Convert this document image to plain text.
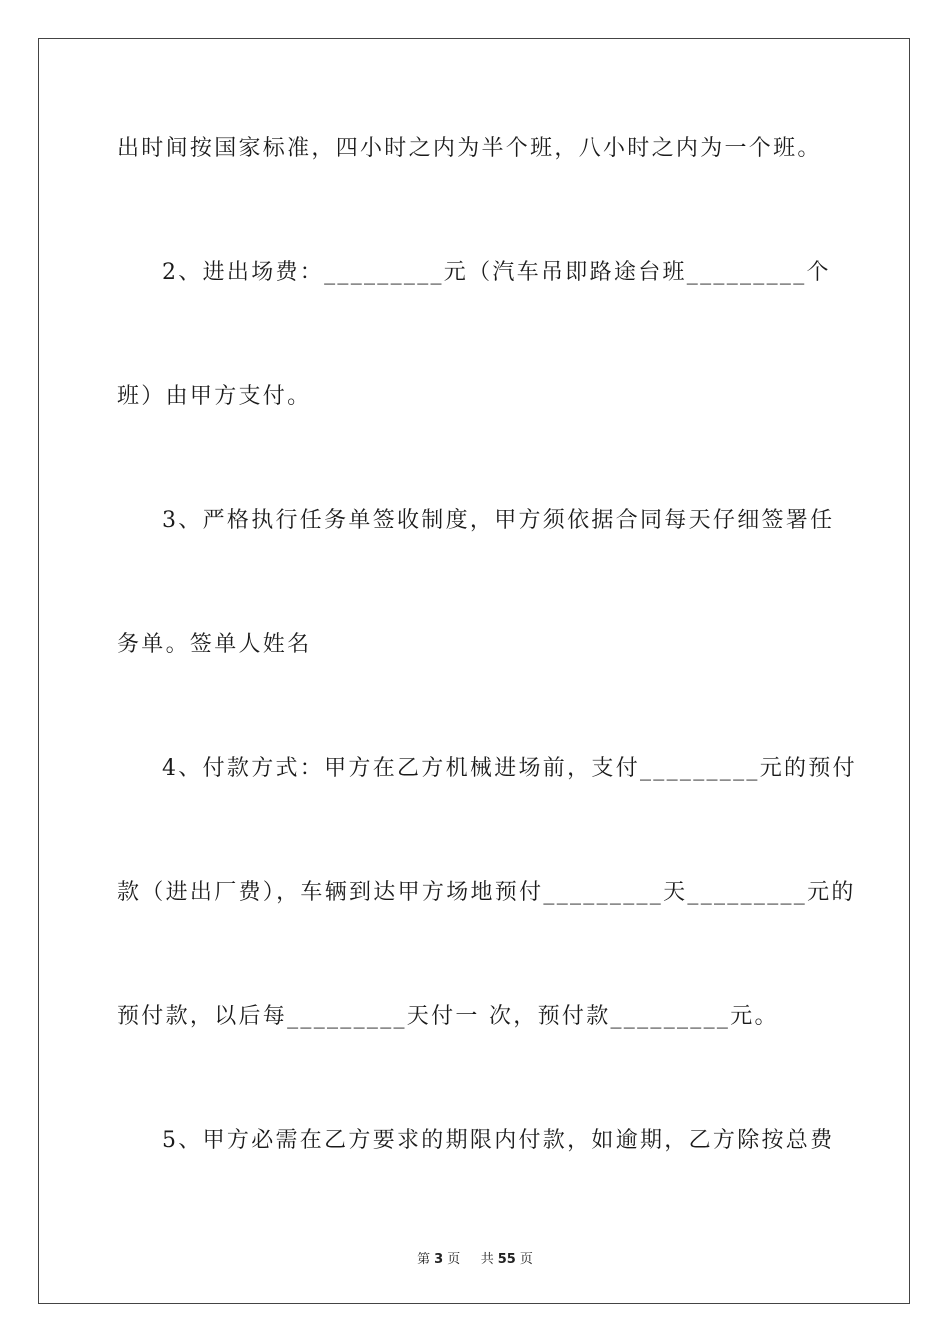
出时间按国家标准，四小时之内为半个班，八小时之内为一个班。
2、进出场费：_________元（汽车吊即路途台班_________个
班）由甲方支付。
3、严格执行任务单签收制度，甲方须依据合同每天仔细签署任
务单。签单人姓名
4、付款方式：甲方在乙方机械进场前，支付_________元的预付
款（进出厂费），车辆到达甲方场地预付_________天_________元的
预付款，以后每_________天付一 次，预付款_________元。
5、甲方必需在乙方要求的期限内付款，如逾期，乙方除按总费
第 3 页 共 55 页
